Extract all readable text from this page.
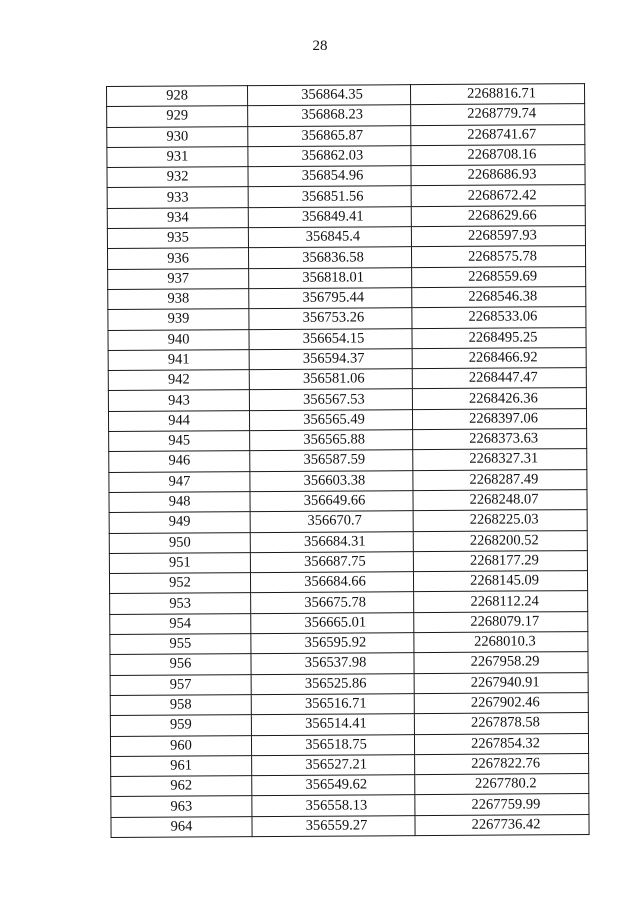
28
928	356864.35	2268816.71
929	356868.23	2268779.74
930	356865.87	2268741.67
931	356862.03	2268708.16
932	356854.96	2268686.93
933	356851.56	2268672.42
934	356849.41	2268629.66
935	356845.4	2268597.93
936	356836.58	2268575.78
937	356818.01	2268559.69
938	356795.44	2268546.38
939	356753.26	2268533.06
940	356654.15	2268495.25
941	356594.37	2268466.92
942	356581.06	2268447.47
943	356567.53	2268426.36
944	356565.49	2268397.06
945	356565.88	2268373.63
946	356587.59	2268327.31
947	356603.38	2268287.49
948	356649.66	2268248.07
949	356670.7	2268225.03
950	356684.31	2268200.52
951	356687.75	2268177.29
952	356684.66	2268145.09
953	356675.78	2268112.24
954	356665.01	2268079.17
955	356595.92	2268010.3
956	356537.98	2267958.29
957	356525.86	2267940.91
958	356516.71	2267902.46
959	356514.41	2267878.58
960	356518.75	2267854.32
961	356527.21	2267822.76
962	356549.62	2267780.2
963	356558.13	2267759.99
964	356559.27	2267736.42
